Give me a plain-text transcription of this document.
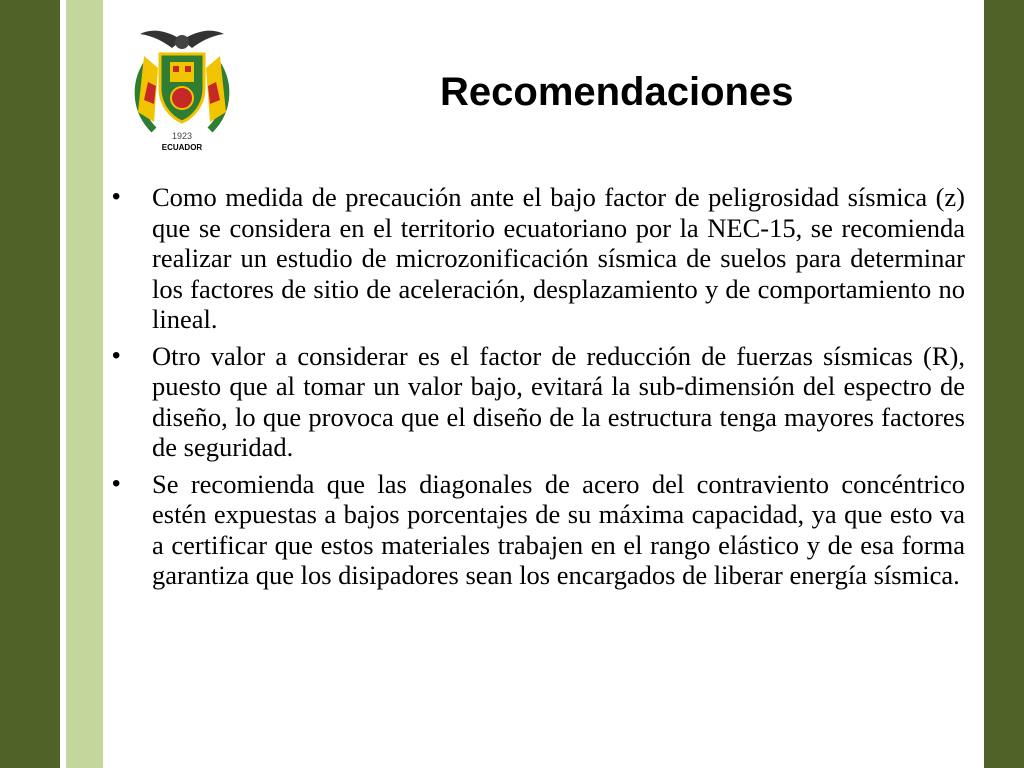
1923
ECUADOR
Recomendaciones
• Como medida de precaución ante el bajo factor de peligrosidad sísmica (z) que se considera en el territorio ecuatoriano por la NEC-15, se recomienda realizar un estudio de microzonificación sísmica de suelos para determinar los factores de sitio de aceleración, desplazamiento y de comportamiento no lineal.
• Otro valor a considerar es el factor de reducción de fuerzas sísmicas (R), puesto que al tomar un valor bajo, evitará la sub-dimensión del espectro de diseño, lo que provoca que el diseño de la estructura tenga mayores factores de seguridad.
• Se recomienda que las diagonales de acero del contraviento concéntrico estén expuestas a bajos porcentajes de su máxima capacidad, ya que esto va a certificar que estos materiales trabajen en el rango elástico y de esa forma garantiza que los disipadores sean los encargados de liberar energía sísmica.
